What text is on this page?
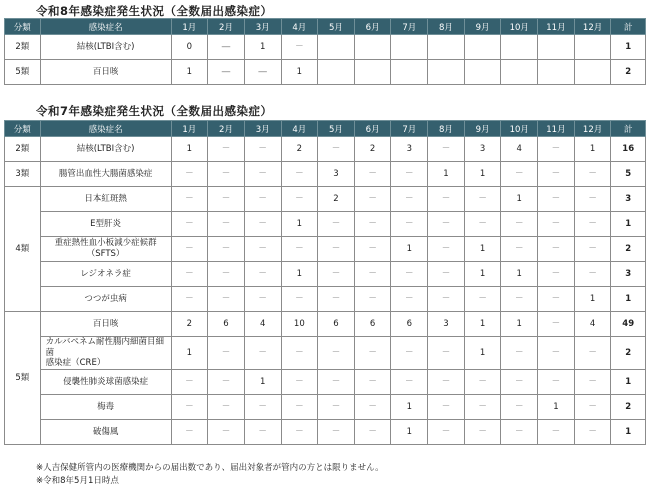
令和8年感染症発生状況（全数届出感染症）
分類	感染症名	1月	2月	3月	4月	5月	6月	7月	8月	9月	10月	11月	12月	計
2類	結核(LTBI含む)	0	―	1	－									1
5類	百日咳	1	―	―	1									2
令和7年感染症発生状況（全数届出感染症）
分類	感染症名	1月	2月	3月	4月	5月	6月	7月	8月	9月	10月	11月	12月	計
2類	結核(LTBI含む)	1	－	－	2	－	2	3	－	3	4	－	1	16
3類	腸管出血性大腸菌感染症	－	－	－	－	3	－	－	1	1	－	－	－	5
4類	日本紅斑熱	－	－	－	－	2	－	－	－	－	1	－	－	3
	E型肝炎	－	－	－	1	－	－	－	－	－	－	－	－	1
	重症熱性血小板減少症候群
（SFTS）	－	－	－	－	－	－	1	－	1	－	－	－	2
	レジオネラ症	－	－	－	1	－	－	－	－	1	1	－	－	3
	つつが虫病	－	－	－	－	－	－	－	－	－	－	－	1	1
5類	百日咳	2	6	4	10	6	6	6	3	1	1	－	4	49
	カルバペネム耐性腸内細菌目細菌
感染症（CRE）	1	－	－	－	－	－	－	－	1	－	－	－	2
	侵襲性肺炎球菌感染症	－	－	1	－	－	－	－	－	－	－	－	－	1
	梅毒	－	－	－	－	－	－	1	－	－	－	1	－	2
	破傷風	－	－	－	－	－	－	1	－	－	－	－	－	1
※人吉保健所管内の医療機関からの届出数であり、届出対象者が管内の方とは限りません。
※令和8年5月1日時点
